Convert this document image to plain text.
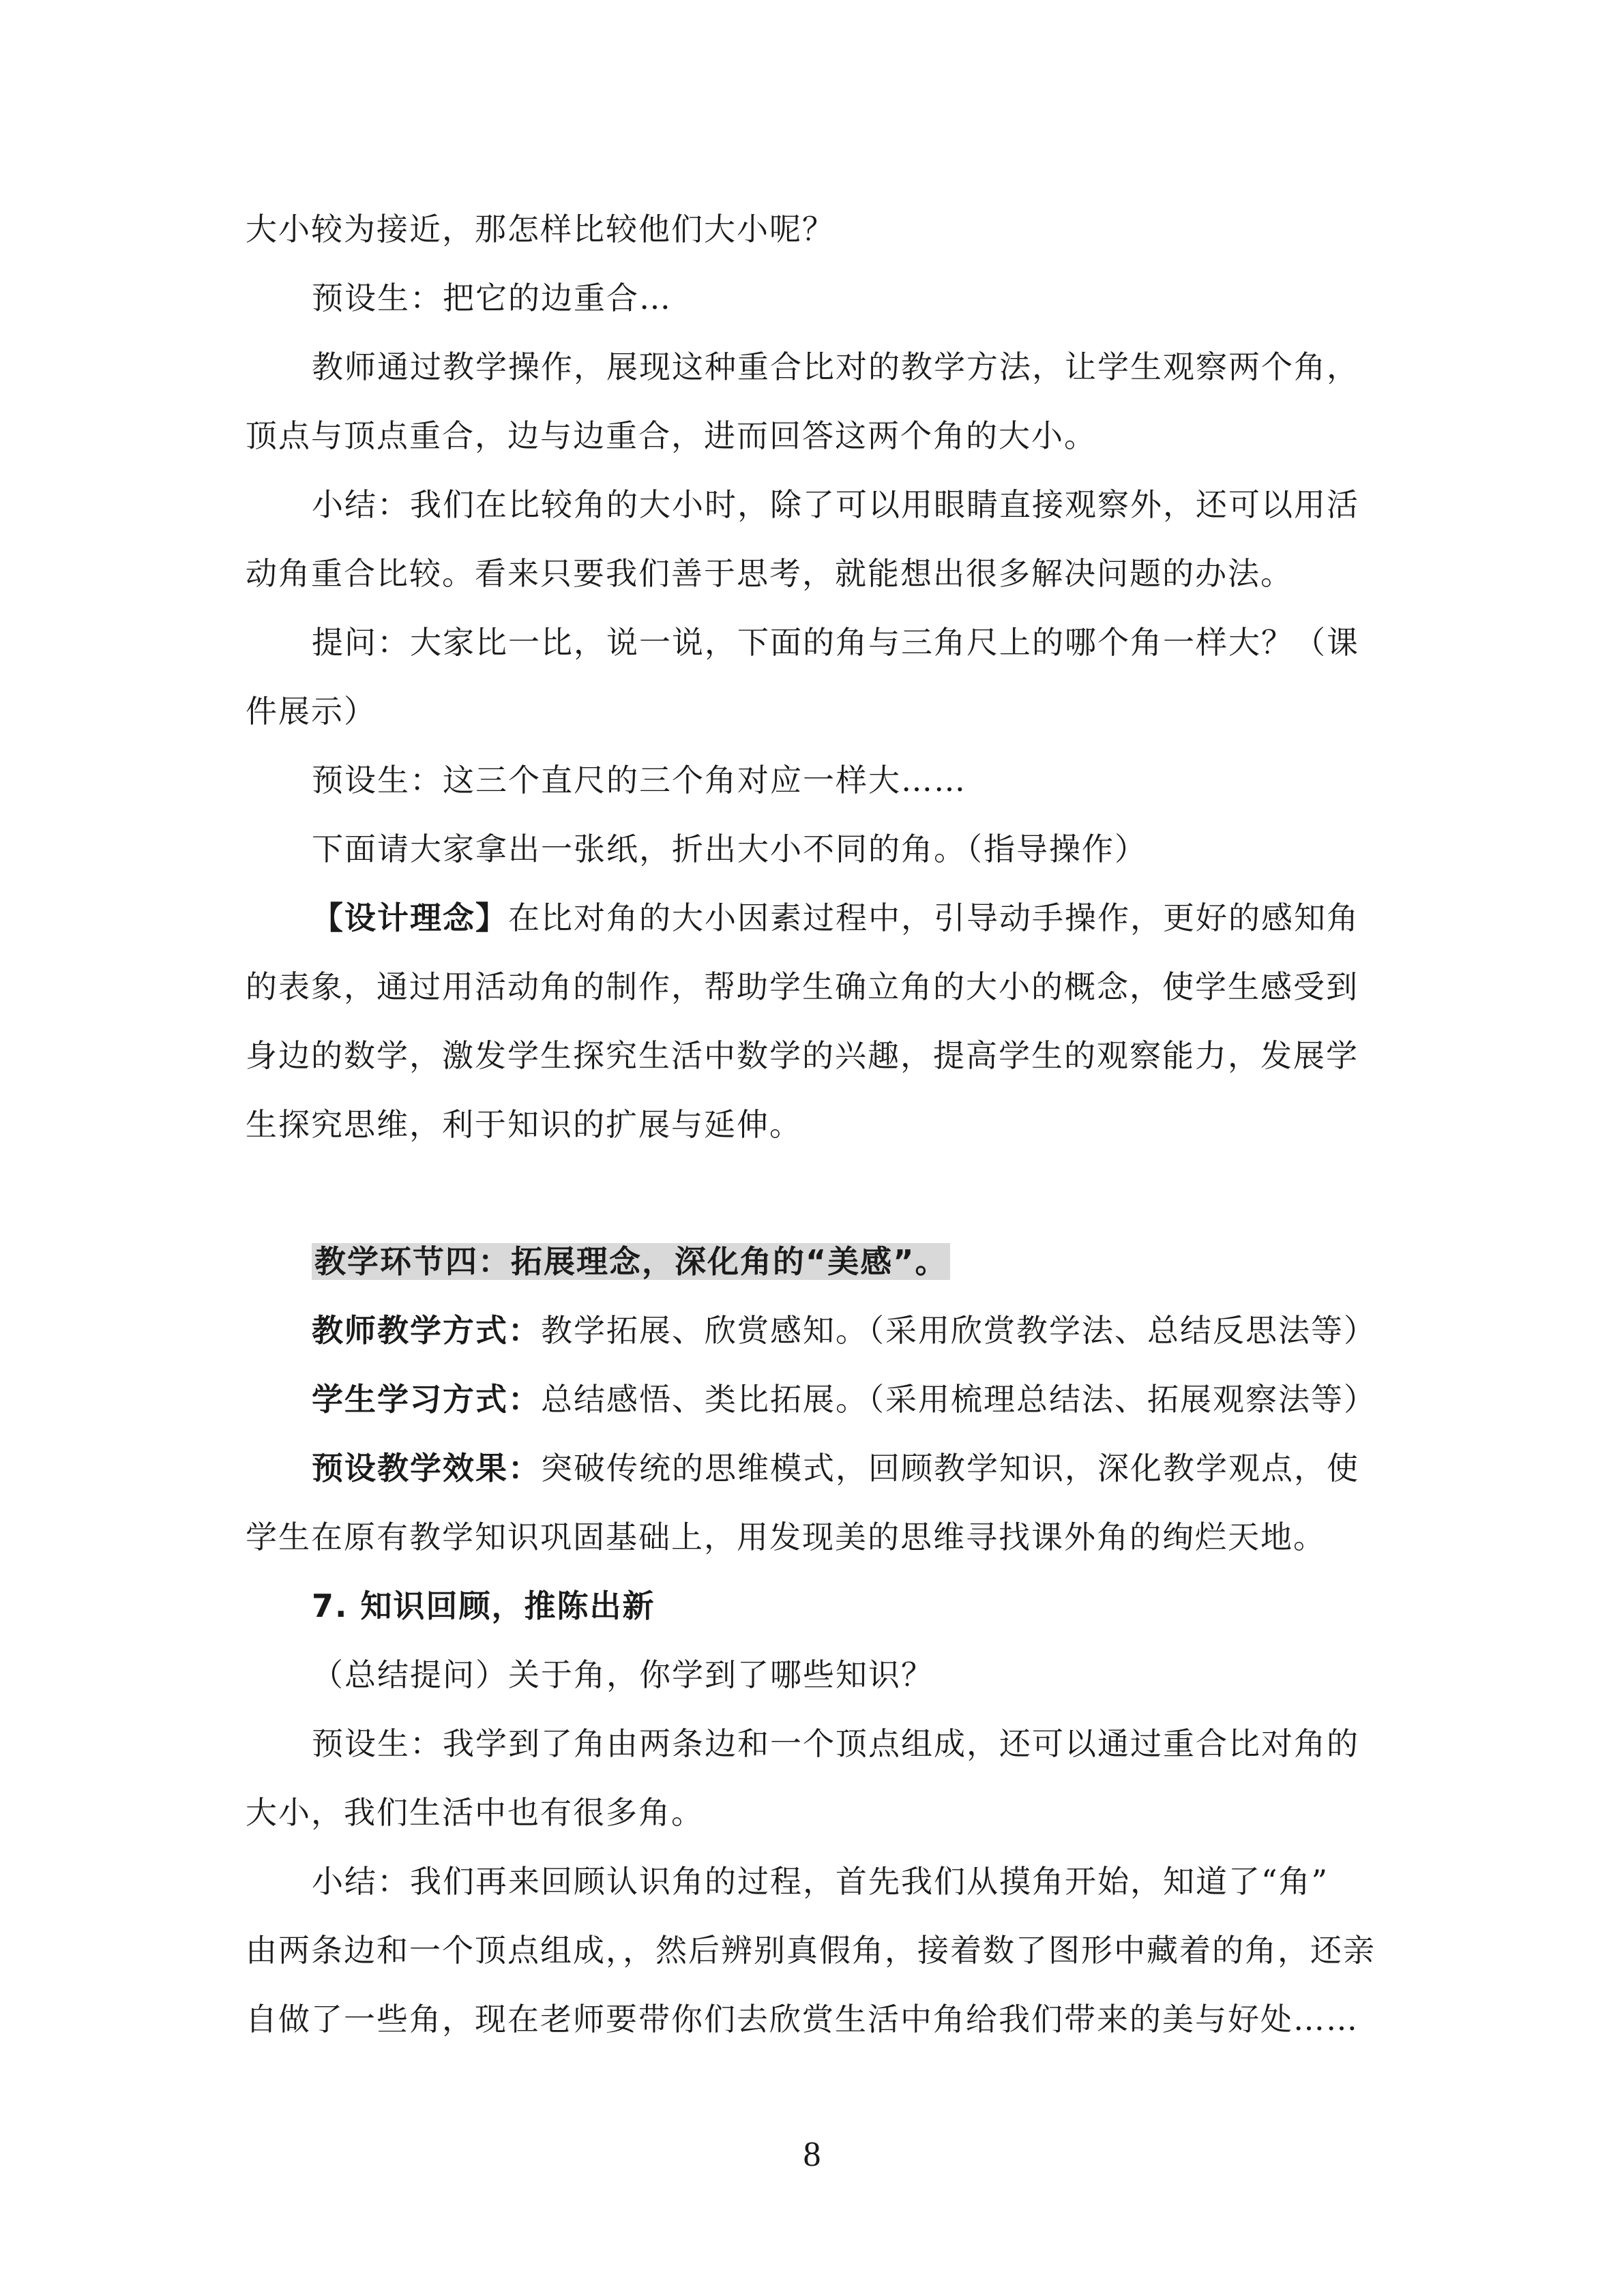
大小较为接近，那怎样比较他们大小呢？
预设生：把它的边重合…
教师通过教学操作，展现这种重合比对的教学方法，让学生观察两个角，
顶点与顶点重合，边与边重合，进而回答这两个角的大小。
小结：我们在比较角的大小时，除了可以用眼睛直接观察外，还可以用活
动角重合比较。看来只要我们善于思考，就能想出很多解决问题的办法。
提问：大家比一比，说一说，下面的角与三角尺上的哪个角一样大？（课
件展示）
预设生：这三个直尺的三个角对应一样大……
下面请大家拿出一张纸，折出大小不同的角。（指导操作）
【设计理念】在比对角的大小因素过程中，引导动手操作，更好的感知角
的表象，通过用活动角的制作，帮助学生确立角的大小的概念，使学生感受到
身边的数学，激发学生探究生活中数学的兴趣，提高学生的观察能力，发展学
生探究思维，利于知识的扩展与延伸。
教学环节四：拓展理念，深化角的“美感”。
教师教学方式：教学拓展、欣赏感知。（采用欣赏教学法、总结反思法等）
学生学习方式：总结感悟、类比拓展。（采用梳理总结法、拓展观察法等）
预设教学效果：突破传统的思维模式，回顾教学知识，深化教学观点，使
学生在原有教学知识巩固基础上，用发现美的思维寻找课外角的绚烂天地。
7. 知识回顾，推陈出新
（总结提问）关于角，你学到了哪些知识？
预设生：我学到了角由两条边和一个顶点组成，还可以通过重合比对角的
大小，我们生活中也有很多角。
小结：我们再来回顾认识角的过程，首先我们从摸角开始，知道了“角”
由两条边和一个顶点组成，，然后辨别真假角，接着数了图形中藏着的角，还亲
自做了一些角，现在老师要带你们去欣赏生活中角给我们带来的美与好处……
8
